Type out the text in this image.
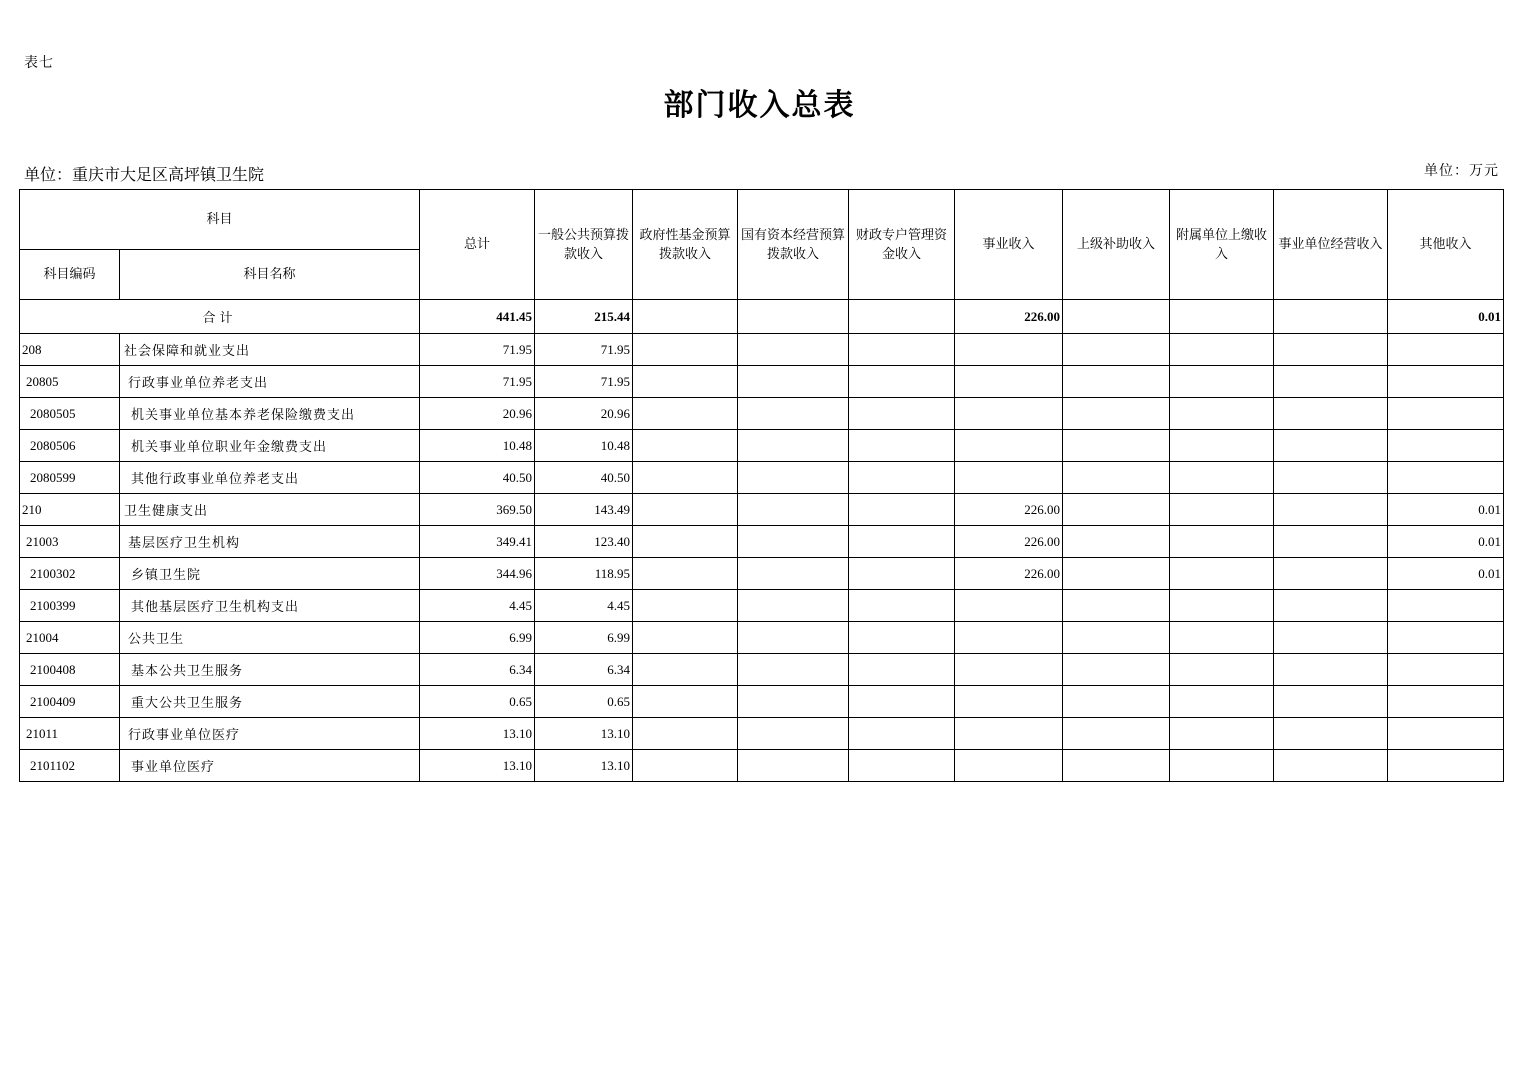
表七
部门收入总表
单位：重庆市大足区高坪镇卫生院	单位：万元
科目		总计	一般公共预算拨款收入	政府性基金预算拨款收入	国有资本经营预算拨款收入	财政专户管理资金收入	事业收入	上级补助收入	附属单位上缴收入	事业单位经营收入	其他收入
科目编码	科目名称										
合计		441.45	215.44				226.00				0.01
208	社会保障和就业支出	71.95	71.95								
20805	行政事业单位养老支出	71.95	71.95								
2080505	机关事业单位基本养老保险缴费支出	20.96	20.96								
2080506	机关事业单位职业年金缴费支出	10.48	10.48								
2080599	其他行政事业单位养老支出	40.50	40.50								
210	卫生健康支出	369.50	143.49				226.00				0.01
21003	基层医疗卫生机构	349.41	123.40				226.00				0.01
2100302	乡镇卫生院	344.96	118.95				226.00				0.01
2100399	其他基层医疗卫生机构支出	4.45	4.45								
21004	公共卫生	6.99	6.99								
2100408	基本公共卫生服务	6.34	6.34								
2100409	重大公共卫生服务	0.65	0.65								
21011	行政事业单位医疗	13.10	13.10								
2101102	事业单位医疗	13.10	13.10								
